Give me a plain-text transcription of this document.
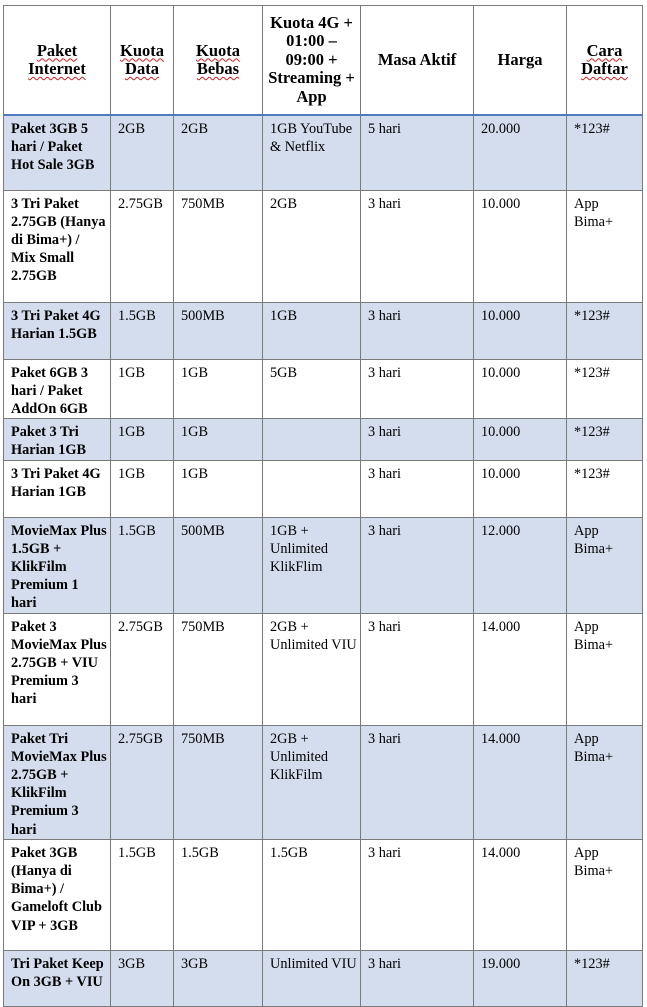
Paket Internet	Kuota Data	Kuota Bebas	Kuota 4G + 01:00 – 09:00 + Streaming + App	Masa Aktif	Harga	Cara Daftar
Paket 3GB 5 hari / Paket Hot Sale 3GB	2GB	2GB	1GB YouTube & Netflix	5 hari	20.000	*123#
3 Tri Paket 2.75GB (Hanya di Bima+) / Mix Small 2.75GB	2.75GB	750MB	2GB	3 hari	10.000	App Bima+
3 Tri Paket 4G Harian 1.5GB	1.5GB	500MB	1GB	3 hari	10.000	*123#
Paket 6GB 3 hari / Paket AddOn 6GB	1GB	1GB	5GB	3 hari	10.000	*123#
Paket 3 Tri Harian 1GB	1GB	1GB		3 hari	10.000	*123#
3 Tri Paket 4G Harian 1GB	1GB	1GB		3 hari	10.000	*123#
MovieMax Plus 1.5GB + KlikFilm Premium 1 hari	1.5GB	500MB	1GB + Unlimited KlikFlim	3 hari	12.000	App Bima+
Paket 3 MovieMax Plus 2.75GB + VIU Premium 3 hari	2.75GB	750MB	2GB + Unlimited VIU	3 hari	14.000	App Bima+
Paket Tri MovieMax Plus 2.75GB + KlikFilm Premium 3 hari	2.75GB	750MB	2GB + Unlimited KlikFilm	3 hari	14.000	App Bima+
Paket 3GB (Hanya di Bima+) / Gameloft Club VIP + 3GB	1.5GB	1.5GB	1.5GB	3 hari	14.000	App Bima+
Tri Paket Keep On 3GB + VIU	3GB	3GB	Unlimited VIU	3 hari	19.000	*123#
